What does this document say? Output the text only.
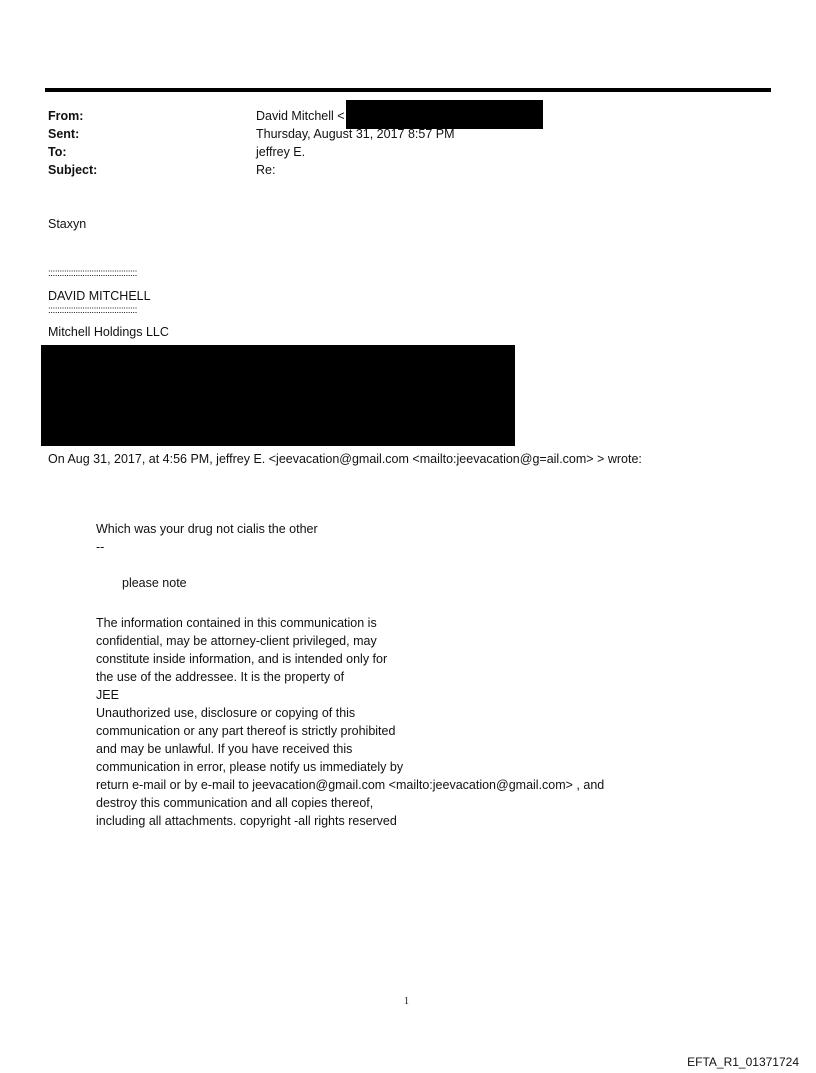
From:	David Mitchell <
Sent:	Thursday, August 31, 2017 8:57 PM
To:	jeffrey E.
Subject:	Re:
Staxyn
:::::::::::::::::::::::::::::::::::::::
DAVID MITCHELL
:::::::::::::::::::::::::::::::::::::::
Mitchell Holdings LLC
On Aug 31, 2017, at 4:56 PM, jeffrey E. <jeevacation@gmail.com <mailto:jeevacation@g=ail.com> > wrote:
Which was your drug not cialis the other
--
please note
The information contained in this communication is
confidential, may be attorney-client privileged, may
constitute inside information, and is intended only for
the use of the addressee. It is the property of
JEE
Unauthorized use, disclosure or copying of this
communication or any part thereof is strictly prohibited
and may be unlawful. If you have received this
communication in error, please notify us immediately by
return e-mail or by e-mail to jeevacation@gmail.com <mailto:jeevacation@gmail.com> , and
destroy this communication and all copies thereof,
including all attachments. copyright -all rights reserved
1
EFTA_R1_01371724
